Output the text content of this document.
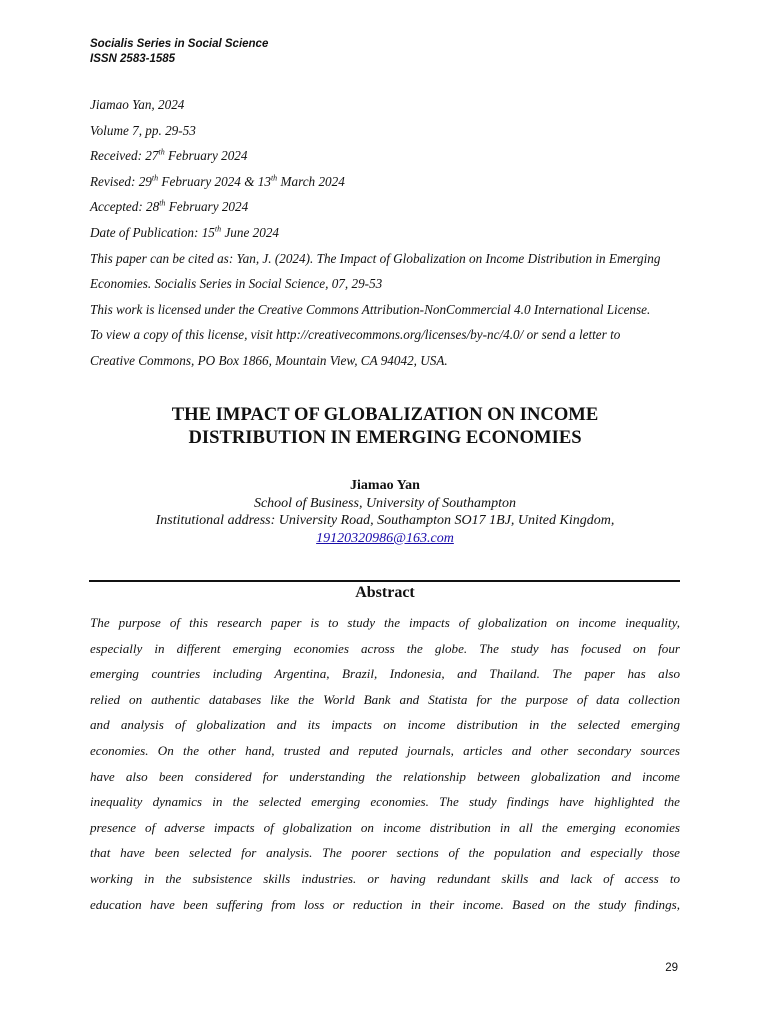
Socialis Series in Social Science
ISSN 2583-1585
Jiamao Yan, 2024
Volume 7, pp. 29-53
Received: 27th February 2024
Revised: 29th February 2024 & 13th March 2024
Accepted: 28th February 2024
Date of Publication: 15th June 2024
This paper can be cited as: Yan, J. (2024). The Impact of Globalization on Income Distribution in Emerging
Economies. Socialis Series in Social Science, 07, 29-53
This work is licensed under the Creative Commons Attribution-NonCommercial 4.0 International License.
To view a copy of this license, visit http://creativecommons.org/licenses/by-nc/4.0/ or send a letter to
Creative Commons, PO Box 1866, Mountain View, CA 94042, USA.
THE IMPACT OF GLOBALIZATION ON INCOME
DISTRIBUTION IN EMERGING ECONOMIES
Jiamao Yan
School of Business, University of Southampton
Institutional address: University Road, Southampton SO17 1BJ, United Kingdom,
19120320986@163.com
Abstract
The purpose of this research paper is to study the impacts of globalization on income inequality,
especially in different emerging economies across the globe. The study has focused on four
emerging countries including Argentina, Brazil, Indonesia, and Thailand. The paper has also
relied on authentic databases like the World Bank and Statista for the purpose of data collection
and analysis of globalization and its impacts on income distribution in the selected emerging
economies. On the other hand, trusted and reputed journals, articles and other secondary sources
have also been considered for understanding the relationship between globalization and income
inequality dynamics in the selected emerging economies. The study findings have highlighted the
presence of adverse impacts of globalization on income distribution in all the emerging economies
that have been selected for analysis. The poorer sections of the population and especially those
working in the subsistence skills industries. or having redundant skills and lack of access to
education have been suffering from loss or reduction in their income. Based on the study findings,
29
